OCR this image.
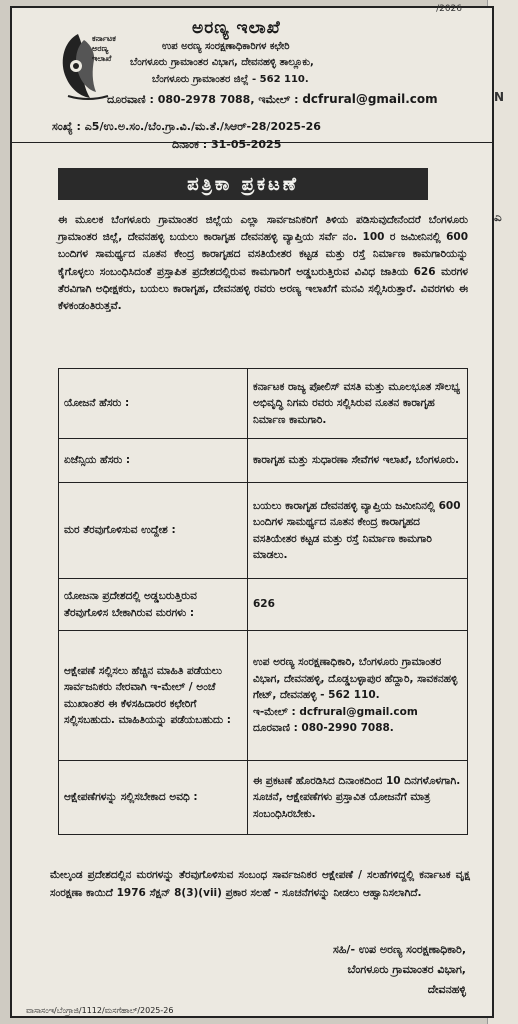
N
ಎ
/2026
ಕರ್ನಾಟಕ
ಅರಣ್ಯ
ಇಲಾಖೆ
ಅರಣ್ಯ ಇಲಾಖೆ
ಉಪ ಅರಣ್ಯ ಸಂರಕ್ಷಣಾಧಿಕಾರಿಗಳ ಕಛೇರಿ
ಬೆಂಗಳೂರು ಗ್ರಾಮಾಂತರ ವಿಭಾಗ, ದೇವನಹಳ್ಳಿ ತಾಲ್ಲೂಕು,
ಬೆಂಗಳೂರು ಗ್ರಾಮಾಂತರ ಜಿಲ್ಲೆ - 562 110.
ದೂರವಾಣಿ : 080-2978 7088, ಇಮೇಲ್ : dcfrural@gmail.com
ಸಂಖ್ಯೆ : ಎ5/ಉ.ಅ.ಸಂ./ಬೆಂ.ಗ್ರಾ.ವಿ./ಮ.ತೆ./ಸಿಆರ್-28/2025-26
ದಿನಾಂಕ : 31-05-2025
ಪತ್ರಿಕಾ ಪ್ರಕಟಣೆ
ಈ ಮೂಲಕ ಬೆಂಗಳೂರು ಗ್ರಾಮಾಂತರ ಜಿಲ್ಲೆಯ ಎಲ್ಲಾ ಸಾರ್ವಜನಿಕರಿಗೆ ತಿಳಿಯ ಪಡಿಸುವುದೇನೆಂದರೆ ಬೆಂಗಳೂರು ಗ್ರಾಮಾಂತರ ಜಿಲ್ಲೆ, ದೇವನಹಳ್ಳಿ ಬಯಲು ಕಾರಾಗೃಹ ದೇವನಹಳ್ಳಿ ವ್ಯಾಪ್ತಿಯ ಸರ್ವೆ ನಂ. 100 ರ ಜಮೀನಿನಲ್ಲಿ 600 ಬಂದಿಗಳ ಸಾಮರ್ಥ್ಯದ ನೂತನ ಕೇಂದ್ರ ಕಾರಾಗೃಹದ ವಸತಿಯೇತರ ಕಟ್ಟಡ ಮತ್ತು ರಸ್ತೆ ನಿರ್ಮಾಣ ಕಾಮಗಾರಿಯನ್ನು ಕೈಗೊಳ್ಳಲು ಸಂಬಂಧಿಸಿದಂತೆ ಪ್ರಸ್ತಾಪಿತ ಪ್ರದೇಶದಲ್ಲಿರುವ ಕಾಮಗಾರಿಗೆ ಅಡ್ಡಬರುತ್ತಿರುವ ವಿವಿಧ ಜಾತಿಯ 626 ಮರಗಳ ತೆರವಿಗಾಗಿ ಅಧೀಕ್ಷಕರು, ಬಯಲು ಕಾರಾಗೃಹ, ದೇವನಹಳ್ಳಿ ರವರು ಅರಣ್ಯ ಇಲಾಖೆಗೆ ಮನವಿ ಸಲ್ಲಿಸಿರುತ್ತಾರೆ. ವಿವರಗಳು ಈ ಕೆಳಕಂಡಂತಿರುತ್ತವೆ.
ಯೋಜನೆ ಹೆಸರು :	ಕರ್ನಾಟಕ ರಾಜ್ಯ ಪೋಲಿಸ್ ವಸತಿ ಮತ್ತು ಮೂಲಭೂತ ಸೌಲಭ್ಯ ಅಭಿವೃದ್ಧಿ ನಿಗಮ ರವರು ಸಲ್ಲಿಸಿರುವ ನೂತನ ಕಾರಾಗೃಹ ನಿರ್ಮಾಣ ಕಾಮಗಾರಿ.
ಏಜೆನ್ಸಿಯ ಹೆಸರು :	ಕಾರಾಗೃಹ ಮತ್ತು ಸುಧಾರಣಾ ಸೇವೆಗಳ ಇಲಾಖೆ, ಬೆಂಗಳೂರು.
ಮರ ತೆರವುಗೊಳಿಸುವ ಉದ್ದೇಶ :	ಬಯಲು ಕಾರಾಗೃಹ ದೇವನಹಳ್ಳಿ ವ್ಯಾಪ್ತಿಯ ಜಮೀನಿನಲ್ಲಿ 600 ಬಂದಿಗಳ ಸಾಮರ್ಥ್ಯದ ನೂತನ ಕೇಂದ್ರ ಕಾರಾಗೃಹದ ವಸತಿಯೇತರ ಕಟ್ಟಡ ಮತ್ತು ರಸ್ತೆ ನಿರ್ಮಾಣ ಕಾಮಗಾರಿ ಮಾಡಲು.
ಯೋಜನಾ ಪ್ರದೇಶದಲ್ಲಿ ಅಡ್ಡಬರುತ್ತಿರುವ ತೆರವುಗೊಳಿಸ ಬೇಕಾಗಿರುವ ಮರಗಳು :	626
ಆಕ್ಷೇಪಣೆ ಸಲ್ಲಿಸಲು ಹೆಚ್ಚಿನ ಮಾಹಿತಿ ಪಡೆಯಲು ಸಾರ್ವಜನಿಕರು ನೇರವಾಗಿ ಇ-ಮೇಲ್ / ಅಂಚೆ ಮುಖಾಂತರ ಈ ಕೆಳಸಹಿದಾರರ ಕಛೇರಿಗೆ ಸಲ್ಲಿಸಬಹುದು. ಮಾಹಿತಿಯನ್ನು ಪಡೆಯಬಹುದು :	ಉಪ ಅರಣ್ಯ ಸಂರಕ್ಷಣಾಧಿಕಾರಿ, ಬೆಂಗಳೂರು ಗ್ರಾಮಾಂತರ ವಿಭಾಗ, ದೇವನಹಳ್ಳಿ, ದೊಡ್ಡಬಳ್ಳಾಪುರ ಹೆದ್ದಾರಿ, ಸಾವಕನಹಳ್ಳಿ ಗೇಟ್, ದೇವನಹಳ್ಳಿ - 562 110.
ಇ-ಮೇಲ್ : dcfrural@gmail.com
ದೂರವಾಣಿ : 080-2990 7088.
ಆಕ್ಷೇಪಣೆಗಳನ್ನು ಸಲ್ಲಿಸಬೇಕಾದ ಅವಧಿ :	ಈ ಪ್ರಕಟಣೆ ಹೊರಡಿಸಿದ ದಿನಾಂಕದಿಂದ 10 ದಿನಗಳೊಳಗಾಗಿ. ಸೂಚನೆ, ಆಕ್ಷೇಪಣೆಗಳು ಪ್ರಸ್ತಾವಿತ ಯೋಜನೆಗೆ ಮಾತ್ರ ಸಂಬಂಧಿಸಿರಬೇಕು.
ಮೇಲ್ಕಂಡ ಪ್ರದೇಶದಲ್ಲಿನ ಮರಗಳನ್ನು ತೆರವುಗೊಳಿಸುವ ಸಂಬಂಧ ಸಾರ್ವಜನಿಕರ ಆಕ್ಷೇಪಣೆ / ಸಲಹೆಗಳಿದ್ದಲ್ಲಿ ಕರ್ನಾಟಕ ವೃಕ್ಷ ಸಂರಕ್ಷಣಾ ಕಾಯಿದೆ 1976 ಸೆಕ್ಷನ್ 8(3)(vii) ಪ್ರಕಾರ ಸಲಹೆ - ಸೂಚನೆಗಳನ್ನು ನೀಡಲು ಆಹ್ವಾನಿಸಲಾಗಿದೆ.
ಸಹಿ/- ಉಪ ಅರಣ್ಯ ಸಂರಕ್ಷಣಾಧಿಕಾರಿ,
ಬೆಂಗಳೂರು ಗ್ರಾಮಾಂತರ ವಿಭಾಗ,
ದೇವನಹಳ್ಳಿ
ವಾಸಾಸಂಇ/ಬೆಂಗ್ರಾಜಿ/1112/ಮಸಗೆಹಾಲ್/2025-26
